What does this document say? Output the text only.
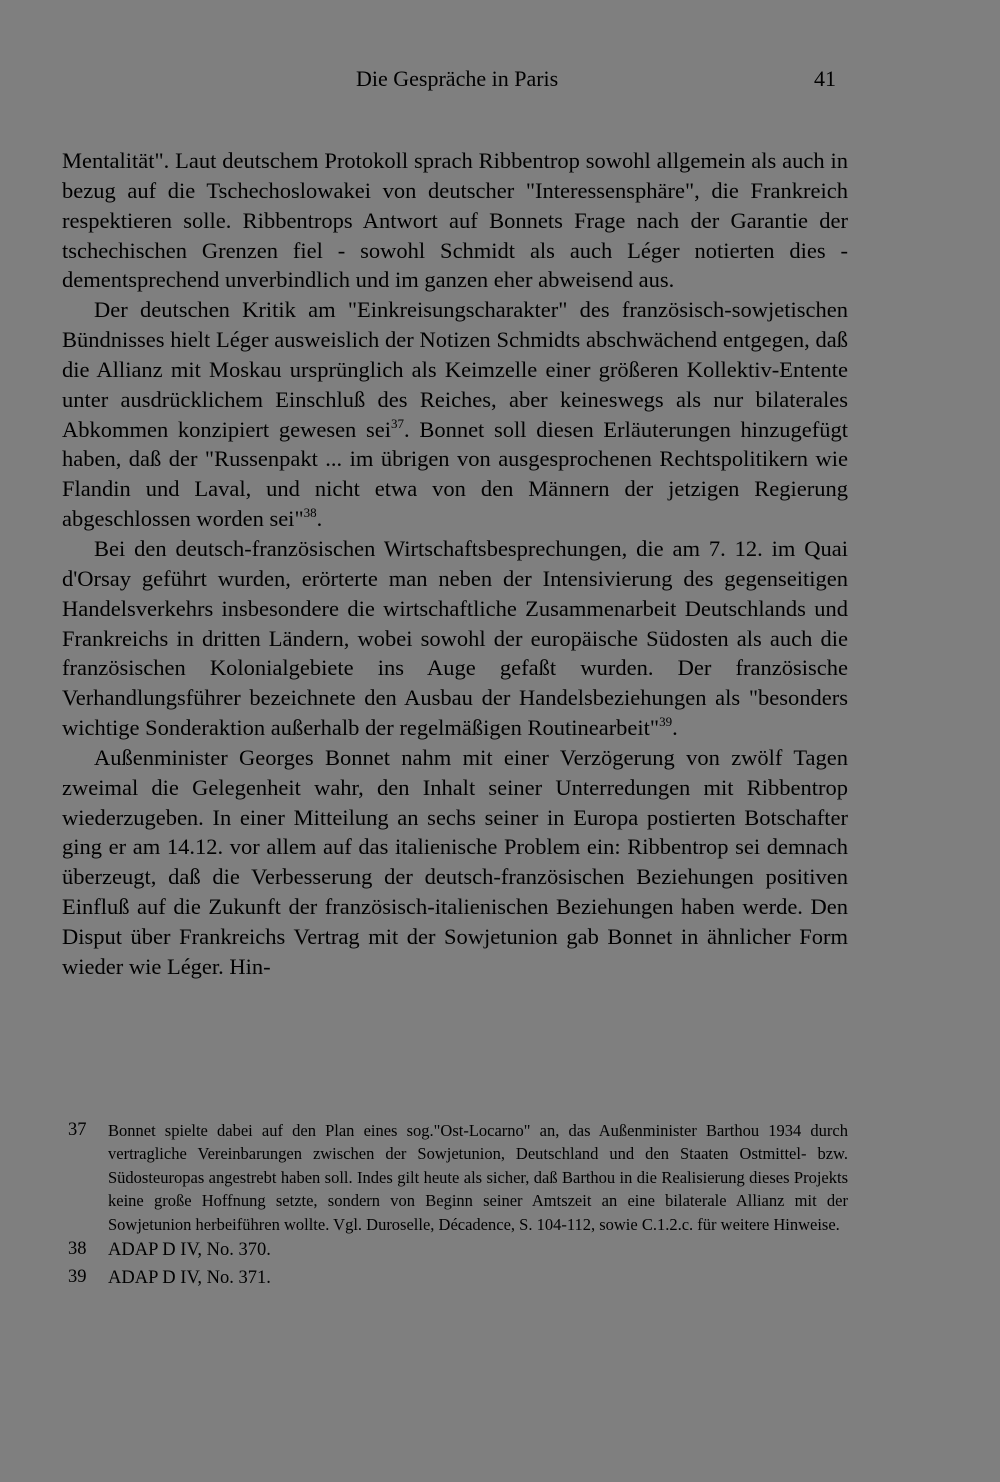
Die Gespräche in Paris	41

Mentalität". Laut deutschem Protokoll sprach Ribbentrop sowohl allgemein als auch in bezug auf die Tschechoslowakei von deutscher "Interessensphäre", die Frankreich respektieren solle. Ribbentrops Antwort auf Bonnets Frage nach der Garantie der tschechischen Grenzen fiel - sowohl Schmidt als auch Léger notierten dies - dementsprechend unverbindlich und im ganzen eher abweisend aus.

Der deutschen Kritik am "Einkreisungscharakter" des französisch-sowjetischen Bündnisses hielt Léger ausweislich der Notizen Schmidts abschwächend entgegen, daß die Allianz mit Moskau ursprünglich als Keimzelle einer größeren Kollektiv-Entente unter ausdrücklichem Einschluß des Reiches, aber keineswegs als nur bilaterales Abkommen konzipiert gewesen sei$^{37}$. Bonnet soll diesen Erläuterungen hinzugefügt haben, daß der "Russenpakt ... im übrigen von ausgesprochenen Rechtspolitikern wie Flandin und Laval, und nicht etwa von den Männern der jetzigen Regierung abgeschlossen worden sei"$^{38}$.

Bei den deutsch-französischen Wirtschaftsbesprechungen, die am 7. 12. im Quai d'Orsay geführt wurden, erörterte man neben der Intensivierung des gegenseitigen Handelsverkehrs insbesondere die wirtschaftliche Zusammenarbeit Deutschlands und Frankreichs in dritten Ländern, wobei sowohl der europäische Südosten als auch die französischen Kolonialgebiete ins Auge gefaßt wurden. Der französische Verhandlungsführer bezeichnete den Ausbau der Handelsbeziehungen als "besonders wichtige Sonderaktion außerhalb der regelmäßigen Routinearbeit"$^{39}$.

Außenminister Georges Bonnet nahm mit einer Verzögerung von zwölf Tagen zweimal die Gelegenheit wahr, den Inhalt seiner Unterredungen mit Ribbentrop wiederzugeben. In einer Mitteilung an sechs seiner in Europa postierten Botschafter ging er am 14.12. vor allem auf das italienische Problem ein: Ribbentrop sei demnach überzeugt, daß die Verbesserung der deutsch-französischen Beziehungen positiven Einfluß auf die Zukunft der französisch-italienischen Beziehungen haben werde. Den Disput über Frankreichs Vertrag mit der Sowjetunion gab Bonnet in ähnlicher Form wieder wie Léger. Hin-

37 Bonnet spielte dabei auf den Plan eines sog."Ost-Locarno" an, das Außenminister Barthou 1934 durch vertragliche Vereinbarungen zwischen der Sowjetunion, Deutschland und den Staaten Ostmittel- bzw. Südosteuropas angestrebt haben soll. Indes gilt heute als sicher, daß Barthou in die Realisierung dieses Projekts keine große Hoffnung setzte, sondern von Beginn seiner Amtszeit an eine bilaterale Allianz mit der Sowjetunion herbeiführen wollte. Vgl. Duroselle, Décadence, S. 104-112, sowie C.1.2.c. für weitere Hinweise.
38 ADAP D IV, No. 370.
39 ADAP D IV, No. 371.
